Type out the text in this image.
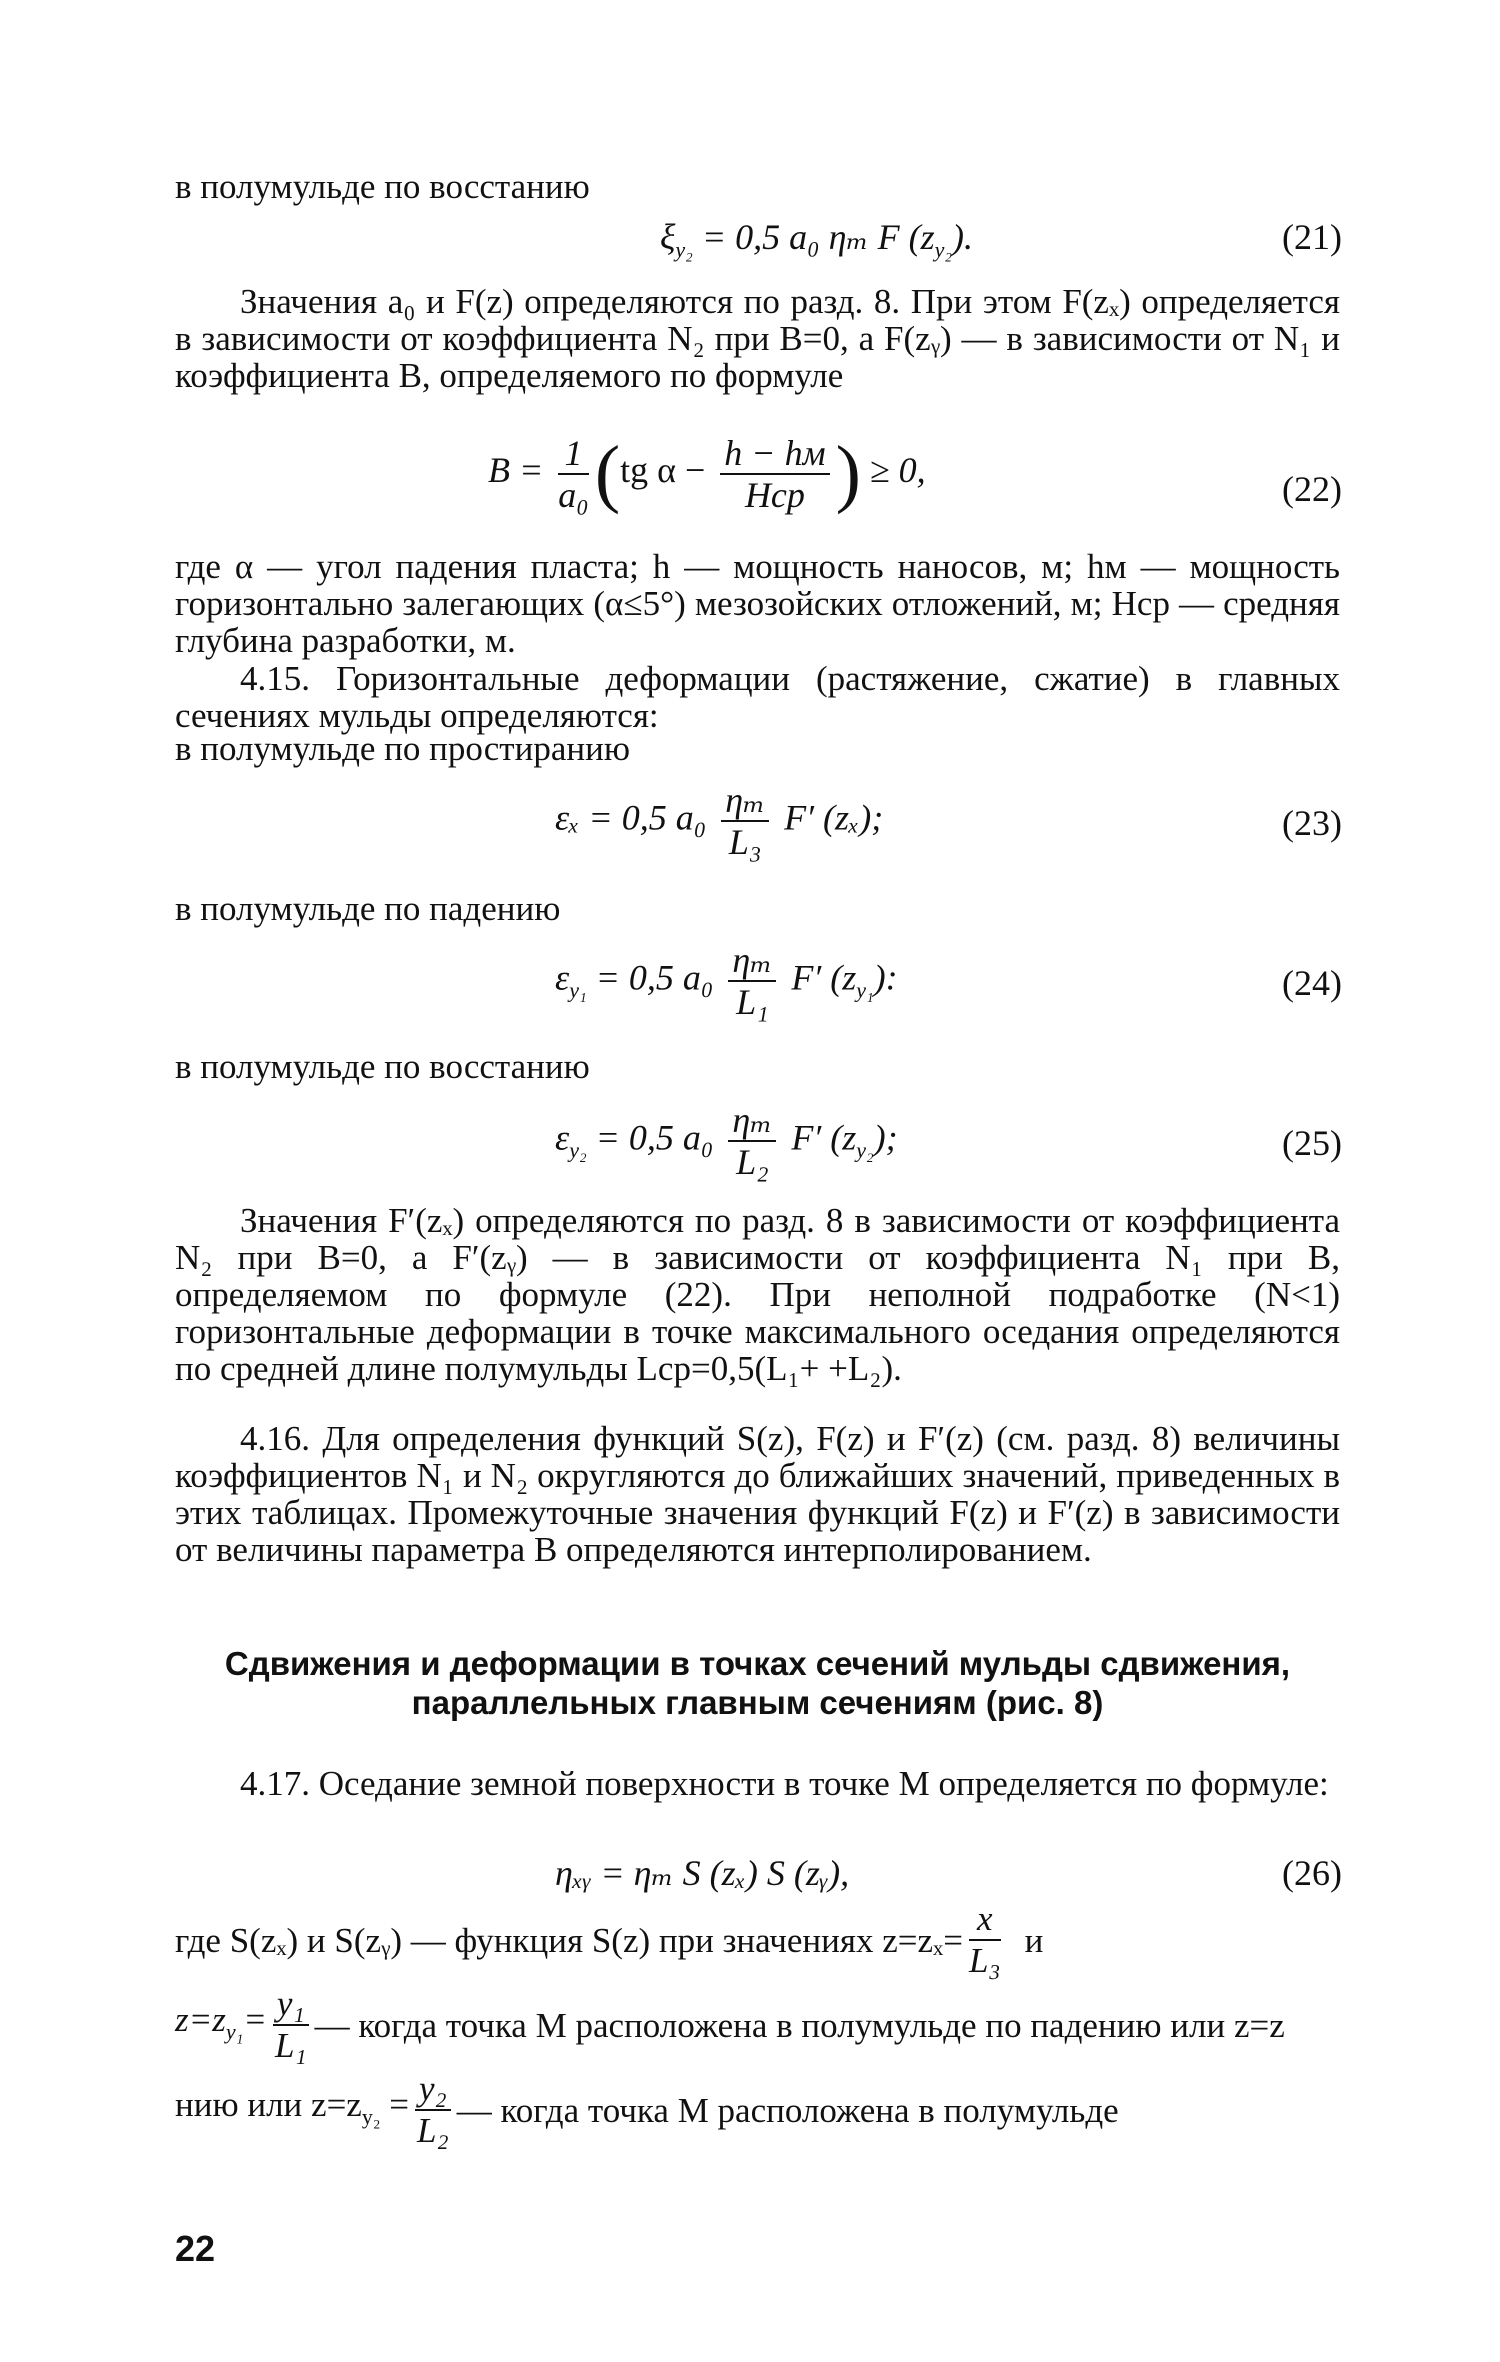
в полумульде по восстанию
$\xi_{y_2} = 0,5$ a₀ ηₘ F $(z_{y_2})$.	(21)
Значения a₀ и F(z) определяются по разд. 8. При этом F(zₓ) определяется в зависимости от коэффициента N₂ при B=0, а F(zᵧ) — в зависимости от N₁ и коэффициента B, определяемого по формуле
$B = \frac{1}{\text{a₀}} (tg$ $\alpha - \frac{h - hм}{\text{Hср}}$ ) ≥ 0,	(22)
где α — угол падения пласта; h — мощность наносов, м; hм — мощность горизонтально залегающих (α≤5°) мезозойских отложений, м; Hср — средняя глубина разработки, м.
4.15. Горизонтальные деформации (растяжение, сжатие) в главных сечениях мульды определяются:
в полумульде по простиранию
εₓ = 0,5 $a_0 \frac{\text{ηₘ}}{\text{L₃}} F'$ (zₓ);	(23)
в полумульде по падению
$\varepsilon_{y_1} = 0,5$ $a_0 \frac{\text{ηₘ}}{\text{L₁}} F'$ $(z_{y_1})$:	(24)
в полумульде по восстанию
$\varepsilon_{y_2} = 0,5$ $a_0 \frac{\text{ηₘ}}{\text{L₂}} F'$ $(z_{y_2})$;	(25)
Значения F′(zₓ) определяются по разд. 8 в зависимости от коэффициента N₂ при B=0, а F′(zᵧ) — в зависимости от коэффициента N₁ при B, определяемом по формуле (22). При неполной подработке (N<1) горизонтальные деформации в точке максимального оседания определяются по средней длине полумульды Lср=0,5(L₁+ +L₂).
4.16. Для определения функций S(z), F(z) и F′(z) (см. разд. 8) величины коэффициентов N₁ и N₂ округляются до ближайших значений, приведенных в этих таблицах. Промежуточные значения функций F(z) и F′(z) в зависимости от величины параметра B определяются интерполированием.
Сдвижения и деформации в точках сечений мульды сдвижения,
параллельных главным сечениям (рис. 8)
4.17. Оседание земной поверхности в точке M определяется по формуле:
ηₓᵧ = ηₘ S (zₓ) S (zᵧ),	(26)
где S(zₓ) и S(zᵧ) — функция S(z) при значениях $z=z_x= \frac{x}{\text{L₃}}$ и
$z=z_{y_1}= \frac{\text{y₁}}{\text{L₁}}$ — когда точка M расположена в полумульде по падению или z=z
нию или $z=z_{y_2} = \frac{\text{y₂}}{\text{L₂}}$ — когда точка M расположена в полумульде
22
